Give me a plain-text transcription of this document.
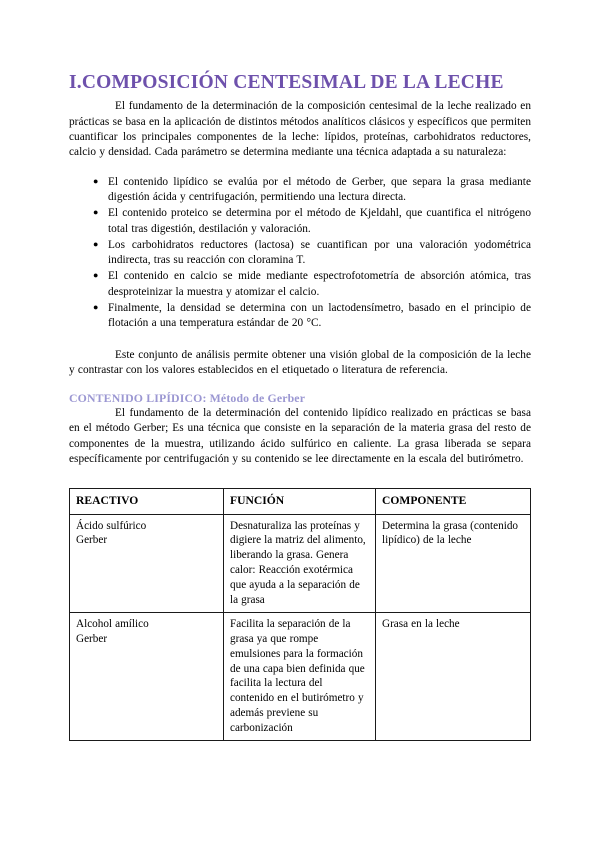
I.COMPOSICIÓN CENTESIMAL DE LA LECHE

El fundamento de la determinación de la composición centesimal de la leche realizado en prácticas se basa en la aplicación de distintos métodos analíticos clásicos y específicos que permiten cuantificar los principales componentes de la leche: lípidos, proteínas, carbohidratos reductores, calcio y densidad. Cada parámetro se determina mediante una técnica adaptada a su naturaleza:

● El contenido lipídico se evalúa por el método de Gerber, que separa la grasa mediante digestión ácida y centrifugación, permitiendo una lectura directa.
● El contenido proteico se determina por el método de Kjeldahl, que cuantifica el nitrógeno total tras digestión, destilación y valoración.
● Los carbohidratos reductores (lactosa) se cuantifican por una valoración yodométrica indirecta, tras su reacción con cloramina T.
● El contenido en calcio se mide mediante espectrofotometría de absorción atómica, tras desproteinizar la muestra y atomizar el calcio.
● Finalmente, la densidad se determina con un lactodensímetro, basado en el principio de flotación a una temperatura estándar de 20 °C.

Este conjunto de análisis permite obtener una visión global de la composición de la leche y contrastar con los valores establecidos en el etiquetado o literatura de referencia.

CONTENIDO LIPÍDICO: Método de Gerber

El fundamento de la determinación del contenido lipídico realizado en prácticas se basa en el método Gerber; Es una técnica que consiste en la separación de la materia grasa del resto de componentes de la muestra, utilizando ácido sulfúrico en caliente. La grasa liberada se separa específicamente por centrifugación y su contenido se lee directamente en la escala del butirómetro.

REACTIVO	FUNCIÓN	COMPONENTE

Ácido sulfúrico
Gerber	Desnaturaliza las proteínas y digiere la matriz del alimento, liberando la grasa. Genera calor: Reacción exotérmica que ayuda a la separación de la grasa	Determina la grasa (contenido lipídico) de la leche

Alcohol amílico
Gerber	Facilita la separación de la grasa ya que rompe emulsiones para la formación de una capa bien definida que facilita la lectura del contenido en el butirómetro y además previene su carbonización	Grasa en la leche
